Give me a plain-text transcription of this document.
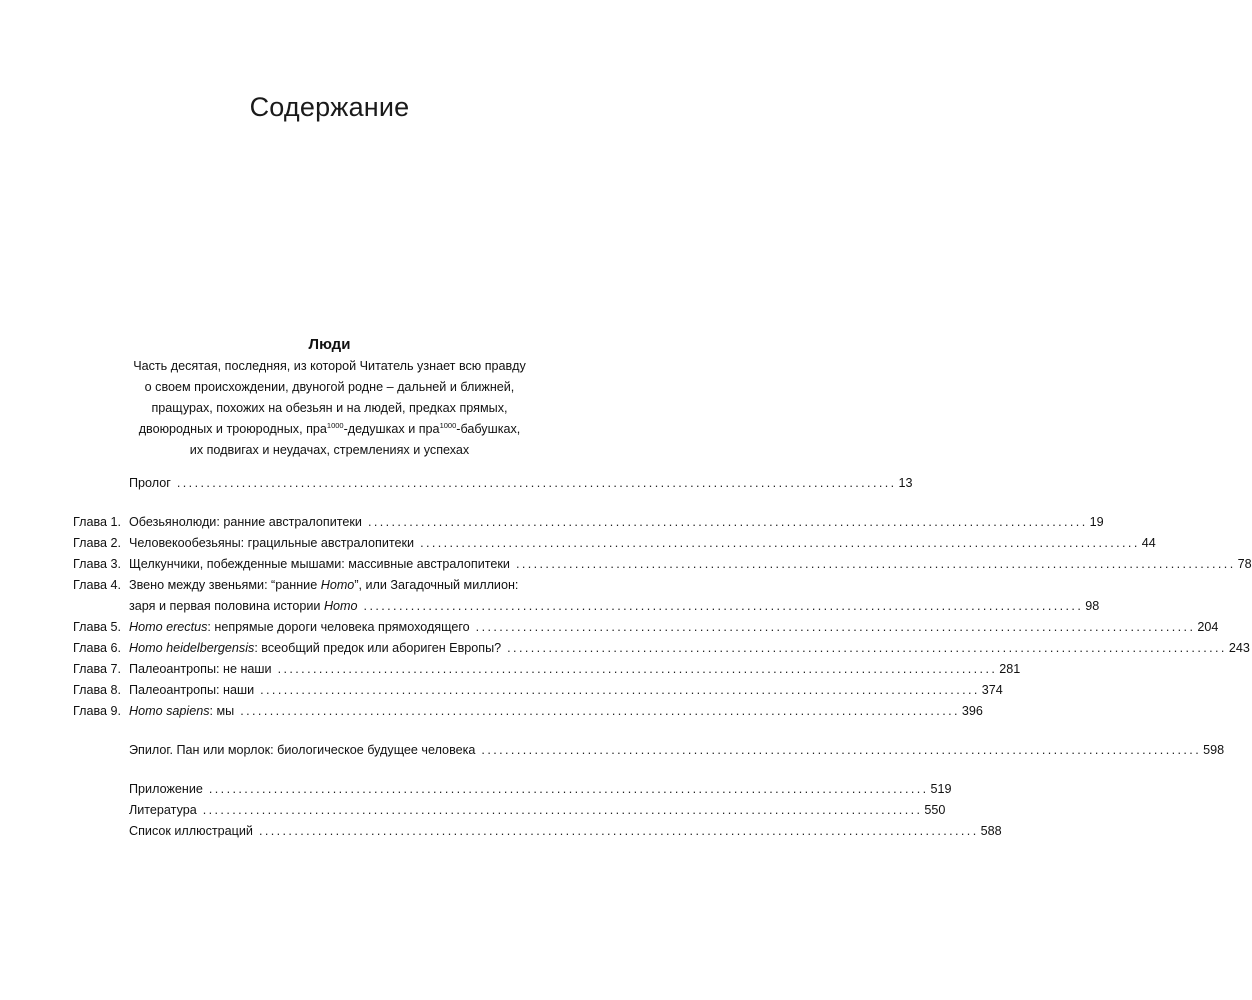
Содержание
Люди
Часть десятая, последняя, из которой Читатель узнает всю правду
о своем происхождении, двуногой родне – дальней и ближней,
пращурах, похожих на обезьян и на людей, предках прямых,
двоюродных и троюродных, пра$^{1000}$-дедушках и пра$^{1000}$-бабушках,
их подвигах и неудачах, стремлениях и успехах
Пролог .......................................................................................................................... 13
Глава 1. Обезьянолюди: ранние австралопитеки .......................................................................................................................... 19
Глава 2. Человекообезьяны: грацильные австралопитеки .......................................................................................................................... 44
Глава 3. Щелкунчики, побежденные мышами: массивные австралопитеки .......................................................................................................................... 78
Глава 4. Звено между звеньями: “ранние Homo”, или Загадочный миллион:
заря и первая половина истории Homo .......................................................................................................................... 98
Глава 5. Homo erectus: непрямые дороги человека прямоходящего .......................................................................................................................... 204
Глава 6. Homo heidelbergensis: всеобщий предок или абориген Европы? .......................................................................................................................... 243
Глава 7. Палеоантропы: не наши .......................................................................................................................... 281
Глава 8. Палеоантропы: наши .......................................................................................................................... 374
Глава 9. Homo sapiens: мы .......................................................................................................................... 396
Эпилог. Пан или морлок: биологическое будущее человека .......................................................................................................................... 598
Приложение .......................................................................................................................... 519
Литература .......................................................................................................................... 550
Список иллюстраций .......................................................................................................................... 588
